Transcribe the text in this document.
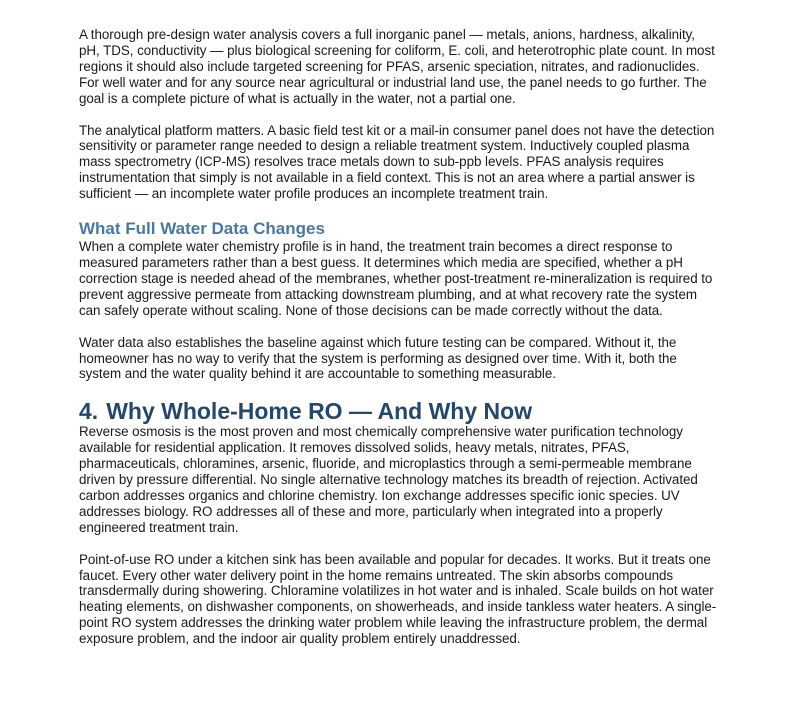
A thorough pre-design water analysis covers a full inorganic panel — metals, anions, hardness, alkalinity, pH, TDS, conductivity — plus biological screening for coliform, E. coli, and heterotrophic plate count. In most regions it should also include targeted screening for PFAS, arsenic speciation, nitrates, and radionuclides. For well water and for any source near agricultural or industrial land use, the panel needs to go further. The goal is a complete picture of what is actually in the water, not a partial one.

The analytical platform matters. A basic field test kit or a mail-in consumer panel does not have the detection sensitivity or parameter range needed to design a reliable treatment system. Inductively coupled plasma mass spectrometry (ICP-MS) resolves trace metals down to sub-ppb levels. PFAS analysis requires instrumentation that simply is not available in a field context. This is not an area where a partial answer is sufficient — an incomplete water profile produces an incomplete treatment train.

What Full Water Data Changes

When a complete water chemistry profile is in hand, the treatment train becomes a direct response to measured parameters rather than a best guess. It determines which media are specified, whether a pH correction stage is needed ahead of the membranes, whether post-treatment re-mineralization is required to prevent aggressive permeate from attacking downstream plumbing, and at what recovery rate the system can safely operate without scaling. None of those decisions can be made correctly without the data.

Water data also establishes the baseline against which future testing can be compared. Without it, the homeowner has no way to verify that the system is performing as designed over time. With it, both the system and the water quality behind it are accountable to something measurable.

4. Why Whole-Home RO — And Why Now

Reverse osmosis is the most proven and most chemically comprehensive water purification technology available for residential application. It removes dissolved solids, heavy metals, nitrates, PFAS, pharmaceuticals, chloramines, arsenic, fluoride, and microplastics through a semi-permeable membrane driven by pressure differential. No single alternative technology matches its breadth of rejection. Activated carbon addresses organics and chlorine chemistry. Ion exchange addresses specific ionic species. UV addresses biology. RO addresses all of these and more, particularly when integrated into a properly engineered treatment train.

Point-of-use RO under a kitchen sink has been available and popular for decades. It works. But it treats one faucet. Every other water delivery point in the home remains untreated. The skin absorbs compounds transdermally during showering. Chloramine volatilizes in hot water and is inhaled. Scale builds on hot water heating elements, on dishwasher components, on showerheads, and inside tankless water heaters. A single-point RO system addresses the drinking water problem while leaving the infrastructure problem, the dermal exposure problem, and the indoor air quality problem entirely unaddressed.
